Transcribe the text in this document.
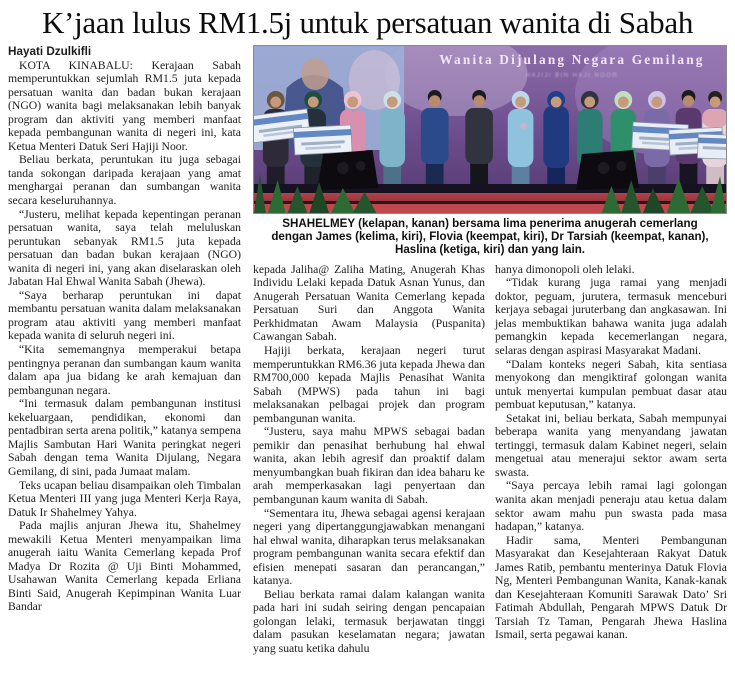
K’jaan lulus RM1.5j untuk persatuan wanita di Sabah

Hayati Dzulkifli

KOTA KINABALU: Kerajaan Sabah memperuntukkan sejumlah RM1.5 juta kepada persatuan wanita dan badan bukan kerajaan (NGO) wanita bagi melaksanakan lebih banyak program dan aktiviti yang memberi manfaat kepada pembangunan wanita di negeri ini, kata Ketua Menteri Datuk Seri Hajiji Noor.

Beliau berkata, peruntukan itu juga sebagai tanda sokongan daripada kerajaan yang amat menghargai peranan dan sumbangan wanita secara keseluruhannya.

“Justeru, melihat kepada kepentingan peranan persatuan wanita, saya telah meluluskan peruntukan sebanyak RM1.5 juta kepada persatuan dan badan bukan kerajaan (NGO) wanita di negeri ini, yang akan diselaraskan oleh Jabatan Hal Ehwal Wanita Sabah (Jhewa).

“Saya berharap peruntukan ini dapat membantu persatuan wanita dalam melaksanakan program atau aktiviti yang memberi manfaat kepada wanita di seluruh negeri ini.

“Kita sememangnya memperakui betapa pentingnya peranan dan sumbangan kaum wanita dalam apa jua bidang ke arah kemajuan dan pembangunan negara.

“Ini termasuk dalam pembangunan institusi kekeluargaan, pendidikan, ekonomi dan pentadbiran serta arena politik,” katanya sempena Majlis Sambutan Hari Wanita peringkat negeri Sabah dengan tema Wanita Dijulang, Negara Gemilang, di sini, pada Jumaat malam.

Teks ucapan beliau disampaikan oleh Timbalan Ketua Menteri III yang juga Menteri Kerja Raya, Datuk Ir Shahelmey Yahya.

Pada majlis anjuran Jhewa itu, Shahelmey mewakili Ketua Menteri menyampaikan lima anugerah iaitu Wanita Cemerlang kepada Prof Madya Dr Rozita @ Uji Binti Mohammed, Usahawan Wanita Cemerlang kepada Erliana Binti Said, Anugerah Kepimpinan Wanita Luar Bandar

Wanita Dijulang Negara Gemilang
HAJIJI BIN HAJI NOOR
SHAHELMEY (kelapan, kanan) bersama lima penerima anugerah cemerlang dengan James (kelima, kiri), Flovia (keempat, kiri), Dr Tarsiah (keempat, kanan), Haslina (ketiga, kiri) dan yang lain.

kepada Jaliha@ Zaliha Mating, Anugerah Khas Individu Lelaki kepada Datuk Asnan Yunus, dan Anugerah Persatuan Wanita Cemerlang kepada Persatuan Suri dan Anggota Wanita Perkhidmatan Awam Malaysia (Puspanita) Cawangan Sabah.

Hajiji berkata, kerajaan negeri turut memperuntukkan RM6.36 juta kepada Jhewa dan RM700,000 kepada Majlis Penasihat Wanita Sabah (MPWS) pada tahun ini bagi melaksanakan pelbagai projek dan program pembangunan wanita.

“Justeru, saya mahu MPWS sebagai badan pemikir dan penasihat berhubung hal ehwal wanita, akan lebih agresif dan proaktif dalam menyumbangkan buah fikiran dan idea baharu ke arah memperkasakan lagi penyertaan dan pembangunan kaum wanita di Sabah.

“Sementara itu, Jhewa sebagai agensi kerajaan negeri yang dipertanggungjawabkan menangani hal ehwal wanita, diharapkan terus melaksanakan program pembangunan wanita secara efektif dan efisien menepati sasaran dan perancangan,” katanya.

Beliau berkata ramai dalam kalangan wanita pada hari ini sudah seiring dengan pencapaian golongan lelaki, termasuk berjawatan tinggi dalam pasukan keselamatan negara; jawatan yang suatu ketika dahulu

hanya dimonopoli oleh lelaki.

“Tidak kurang juga ramai yang menjadi doktor, peguam, jurutera, termasuk menceburi kerjaya sebagai juruterbang dan angkasawan. Ini jelas membuktikan bahawa wanita juga adalah pemangkin kepada kecemerlangan negara, selaras dengan aspirasi Masyarakat Madani.

“Dalam konteks negeri Sabah, kita sentiasa menyokong dan mengiktiraf golongan wanita untuk menyertai kumpulan pembuat dasar atau pembuat keputusan,” katanya.

Setakat ini, beliau berkata, Sabah mempunyai beberapa wanita yang menyandang jawatan tertinggi, termasuk dalam Kabinet negeri, selain mengetuai atau menerajui sektor awam serta swasta.

“Saya percaya lebih ramai lagi golongan wanita akan menjadi peneraju atau ketua dalam sektor awam mahu pun swasta pada masa hadapan,” katanya.

Hadir sama, Menteri Pembangunan Masyarakat dan Kesejahteraan Rakyat Datuk James Ratib, pembantu menterinya Datuk Flovia Ng, Menteri Pembangunan Wanita, Kanak-kanak dan Kesejahteraan Komuniti Sarawak Dato’ Sri Fatimah Abdullah, Pengarah MPWS Datuk Dr Tarsiah Tz Taman, Pengarah Jhewa Haslina Ismail, serta pegawai kanan.
